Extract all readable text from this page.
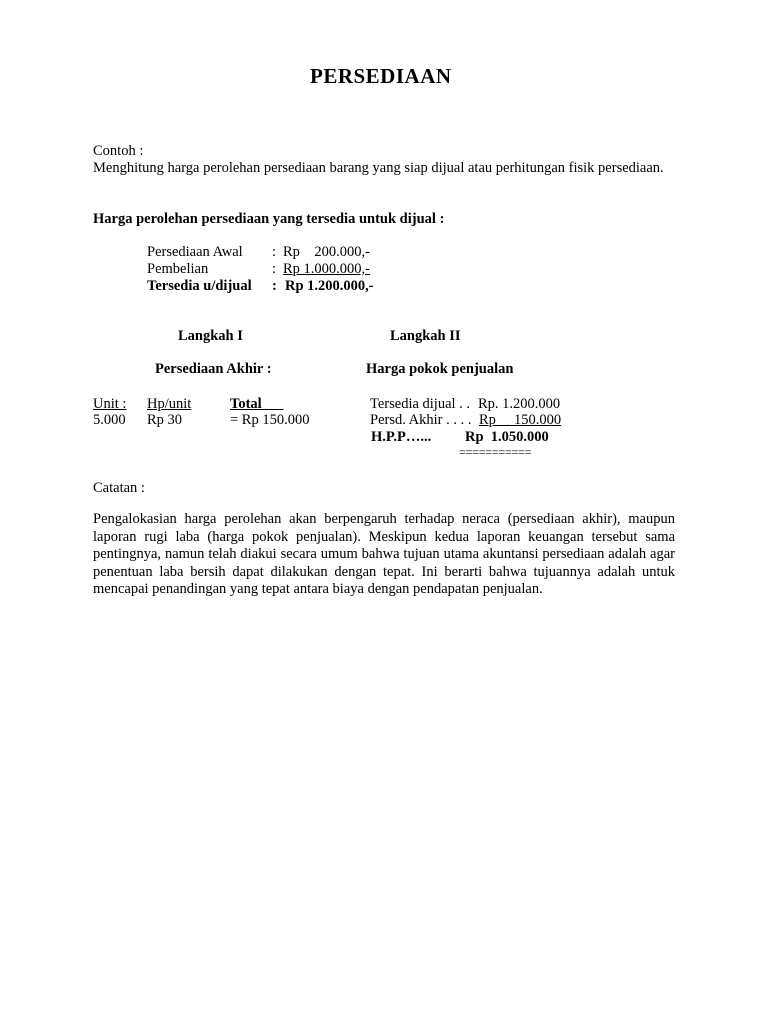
PERSEDIAAN
Contoh :
Menghitung harga perolehan persediaan barang yang siap dijual atau perhitungan fisik persediaan.
Harga perolehan persediaan yang tersedia untuk dijual :
Persediaan Awal : Rp    200.000,-
Pembelian	: Rp 1.000.000,-
Tersedia u/dijual : Rp 1.200.000,-
Langkah I	Langkah II
Persediaan Akhir :	Harga pokok penjualan
Unit : Hp/unit	Total
5.000 Rp 30	= Rp 150.000
Tersedia dijual . . Rp. 1.200.000
Persd. Akhir . . . . Rp     150.000
H.P.P…... Rp  1.050.000
===========
Catatan :
Pengalokasian harga perolehan akan berpengaruh terhadap neraca (persediaan akhir), maupun laporan rugi laba (harga pokok penjualan). Meskipun kedua laporan keuangan tersebut sama pentingnya, namun telah diakui secara umum bahwa tujuan utama akuntansi persediaan adalah agar penentuan laba bersih dapat dilakukan dengan tepat. Ini berarti bahwa tujuannya adalah untuk mencapai penandingan yang tepat antara biaya dengan pendapatan penjualan.
